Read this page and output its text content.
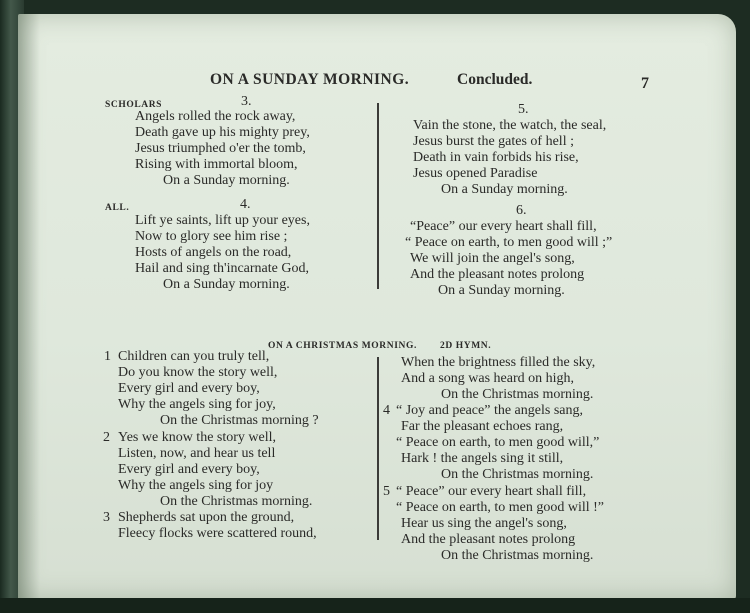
ON A SUNDAY MORNING.	Concluded.	7
SCHOLARS	3.
Angels rolled the rock away,
Death gave up his mighty prey,
Jesus triumphed o'er the tomb,
Rising with immortal bloom,
On a Sunday morning.
ALL.	4.
Lift ye saints, lift up your eyes,
Now to glory see him rise ;
Hosts of angels on the road,
Hail and sing th'incarnate God,
On a Sunday morning.
5.
Vain the stone, the watch, the seal,
Jesus burst the gates of hell ;
Death in vain forbids his rise,
Jesus opened Paradise
On a Sunday morning.
6.
“Peace” our every heart shall fill,
“ Peace on earth, to men good will ;”
We will join the angel's song,
And the pleasant notes prolong
On a Sunday morning.
ON A CHRISTMAS MORNING. 2D HYMN.
1 Children can you truly tell,
Do you know the story well,
Every girl and every boy,
Why the angels sing for joy,
On the Christmas morning ?
2 Yes we know the story well,
Listen, now, and hear us tell
Every girl and every boy,
Why the angels sing for joy
On the Christmas morning.
3 Shepherds sat upon the ground,
Fleecy flocks were scattered round,
When the brightness filled the sky,
And a song was heard on high,
On the Christmas morning.
4 “ Joy and peace” the angels sang,
Far the pleasant echoes rang,
“ Peace on earth, to men good will,”
Hark ! the angels sing it still,
On the Christmas morning.
5 “ Peace” our every heart shall fill,
“ Peace on earth, to men good will !”
Hear us sing the angel's song,
And the pleasant notes prolong
On the Christmas morning.
